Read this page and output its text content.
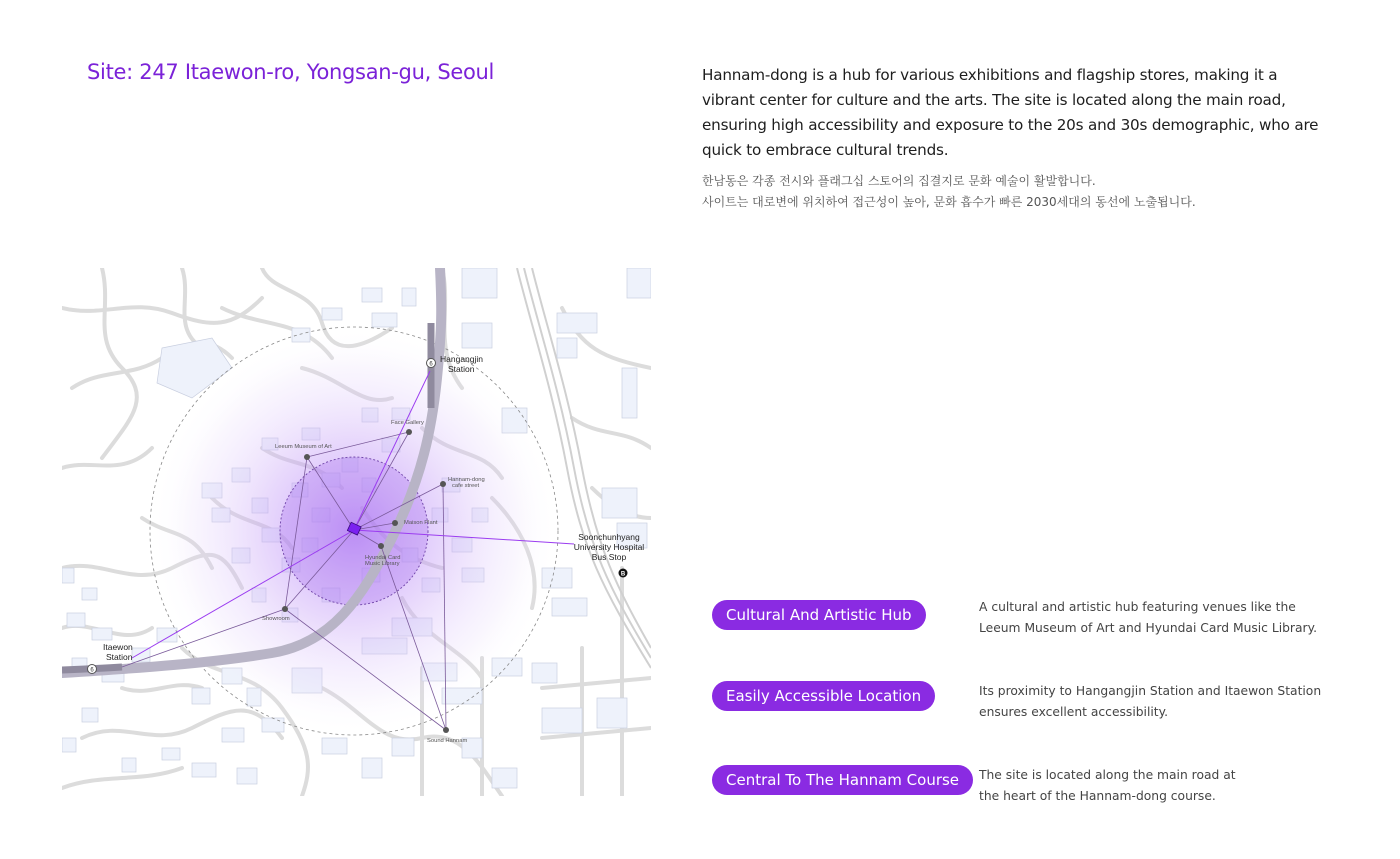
Site: 247 Itaewon-ro, Yongsan-gu, Seoul	Hannam-dong is a hub for various exhibitions and flagship stores, making it a vibrant center for culture and the arts. The site is located along the main road, ensuring high accessibility and exposure to the 20s and 30s demographic, who are quick to embrace cultural trends.

한남동은 각종 전시와 플래그십 스토어의 집결지로 문화 예술이 활발합니다.
사이트는 대로변에 위치하여 접근성이 높아, 문화 흡수가 빠른 2030세대의 동선에 노출됩니다.
Leeum Museum of Art
Face Gallery
Hannam-dong
cafe street
Maison Plant
Hyundai Card
Music Library
Showroom
Sound Hannam
Hangangjin
Station
Itaewon
Station
Soonchunhyang
University Hospital
Bus Stop
6
6
B
Cultural And Artistic Hub	A cultural and artistic hub featuring venues like the Leeum Museum of Art and Hyundai Card Music Library.

Easily Accessible Location	Its proximity to Hangangjin Station and Itaewon Station ensures excellent accessibility.

Central To The Hannam Course	The site is located along the main road at the heart of the Hannam-dong course.
